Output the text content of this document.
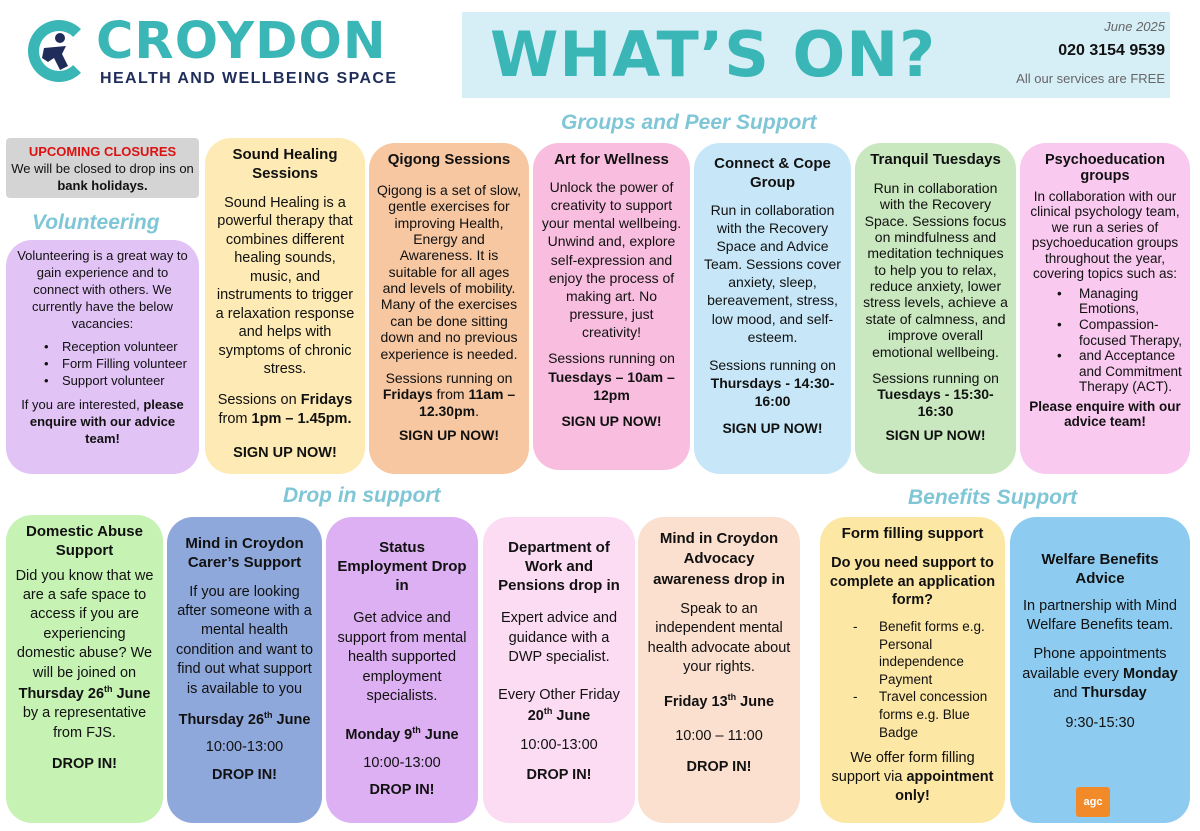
CROYDON
HEALTH AND WELLBEING SPACE WHAT’S ON?	June 2025
020 3154 9539
All our services are FREE
Groups and Peer Support
Volunteering
Drop in support	Benefits Support
UPCOMING CLOSURES
We will be closed to drop ins on
bank holidays.
Volunteering is a great way to gain experience and to connect with others. We currently have the below vacancies:
• Reception volunteer
• Form Filling volunteer
• Support volunteer
If you are interested, please enquire with our advice team!
Sound Healing Sessions

Sound Healing is a powerful therapy that combines different healing sounds, music, and instruments to trigger a relaxation response and helps with symptoms of chronic stress.

Sessions on Fridays from 1pm – 1.45pm.

SIGN UP NOW!
Qigong Sessions

Qigong is a set of slow, gentle exercises for improving Health, Energy and Awareness. It is suitable for all ages and levels of mobility. Many of the exercises can be done sitting down and no previous experience is needed.

Sessions running on
Fridays from 11am – 12.30pm.

SIGN UP NOW!
Art for Wellness

Unlock the power of creativity to support your mental wellbeing. Unwind and, explore self-expression and enjoy the process of making art. No pressure, just creativity!

Sessions running on Tuesdays – 10am – 12pm

SIGN UP NOW!
Connect & Cope Group

Run in collaboration with the Recovery Space and Advice Team. Sessions cover anxiety, sleep, bereavement, stress, low mood, and self-esteem.

Sessions running on Thursdays - 14:30-16:00

SIGN UP NOW!
Tranquil Tuesdays

Run in collaboration with the Recovery Space. Sessions focus on mindfulness and meditation techniques to help you to relax, reduce anxiety, lower stress levels, achieve a state of calmness, and improve overall emotional wellbeing.

Sessions running on
Tuesdays - 15:30-16:30

SIGN UP NOW!
Psychoeducation groups

In collaboration with our clinical psychology team, we run a series of psychoeducation groups throughout the year, covering topics such as:

• Managing Emotions,
• Compassion-focused Therapy,
• and Acceptance and Commitment Therapy (ACT).
Please enquire with our advice team!
Domestic Abuse Support

Did you know that we are a safe space to access if you are experiencing domestic abuse? We will be joined on Thursday 26th June by a representative from FJS.

DROP IN!
Mind in Croydon Carer’s Support

If you are looking after someone with a mental health condition and want to find out what support is available to you

Thursday 26th June

10:00-13:00

DROP IN!
Status Employment Drop in

Get advice and support from mental health supported employment specialists.

Monday 9th June

10:00-13:00

DROP IN!
Department of Work and Pensions drop in

Expert advice and guidance with a DWP specialist.

Every Other Friday

20th June

10:00-13:00

DROP IN!
Mind in Croydon Advocacy awareness drop in

Speak to an independent mental health advocate about your rights.

Friday 13th June

10:00 – 11:00

DROP IN!
Form filling support

Do you need support to complete an application form?

- Benefit forms e.g. Personal independence Payment
- Travel concession forms e.g. Blue Badge

We offer form filling support via appointment only!

Welfare Benefits Advice

In partnership with Mind Welfare Benefits team.

Phone appointments available every Monday and Thursday

9:30-15:30

agc
